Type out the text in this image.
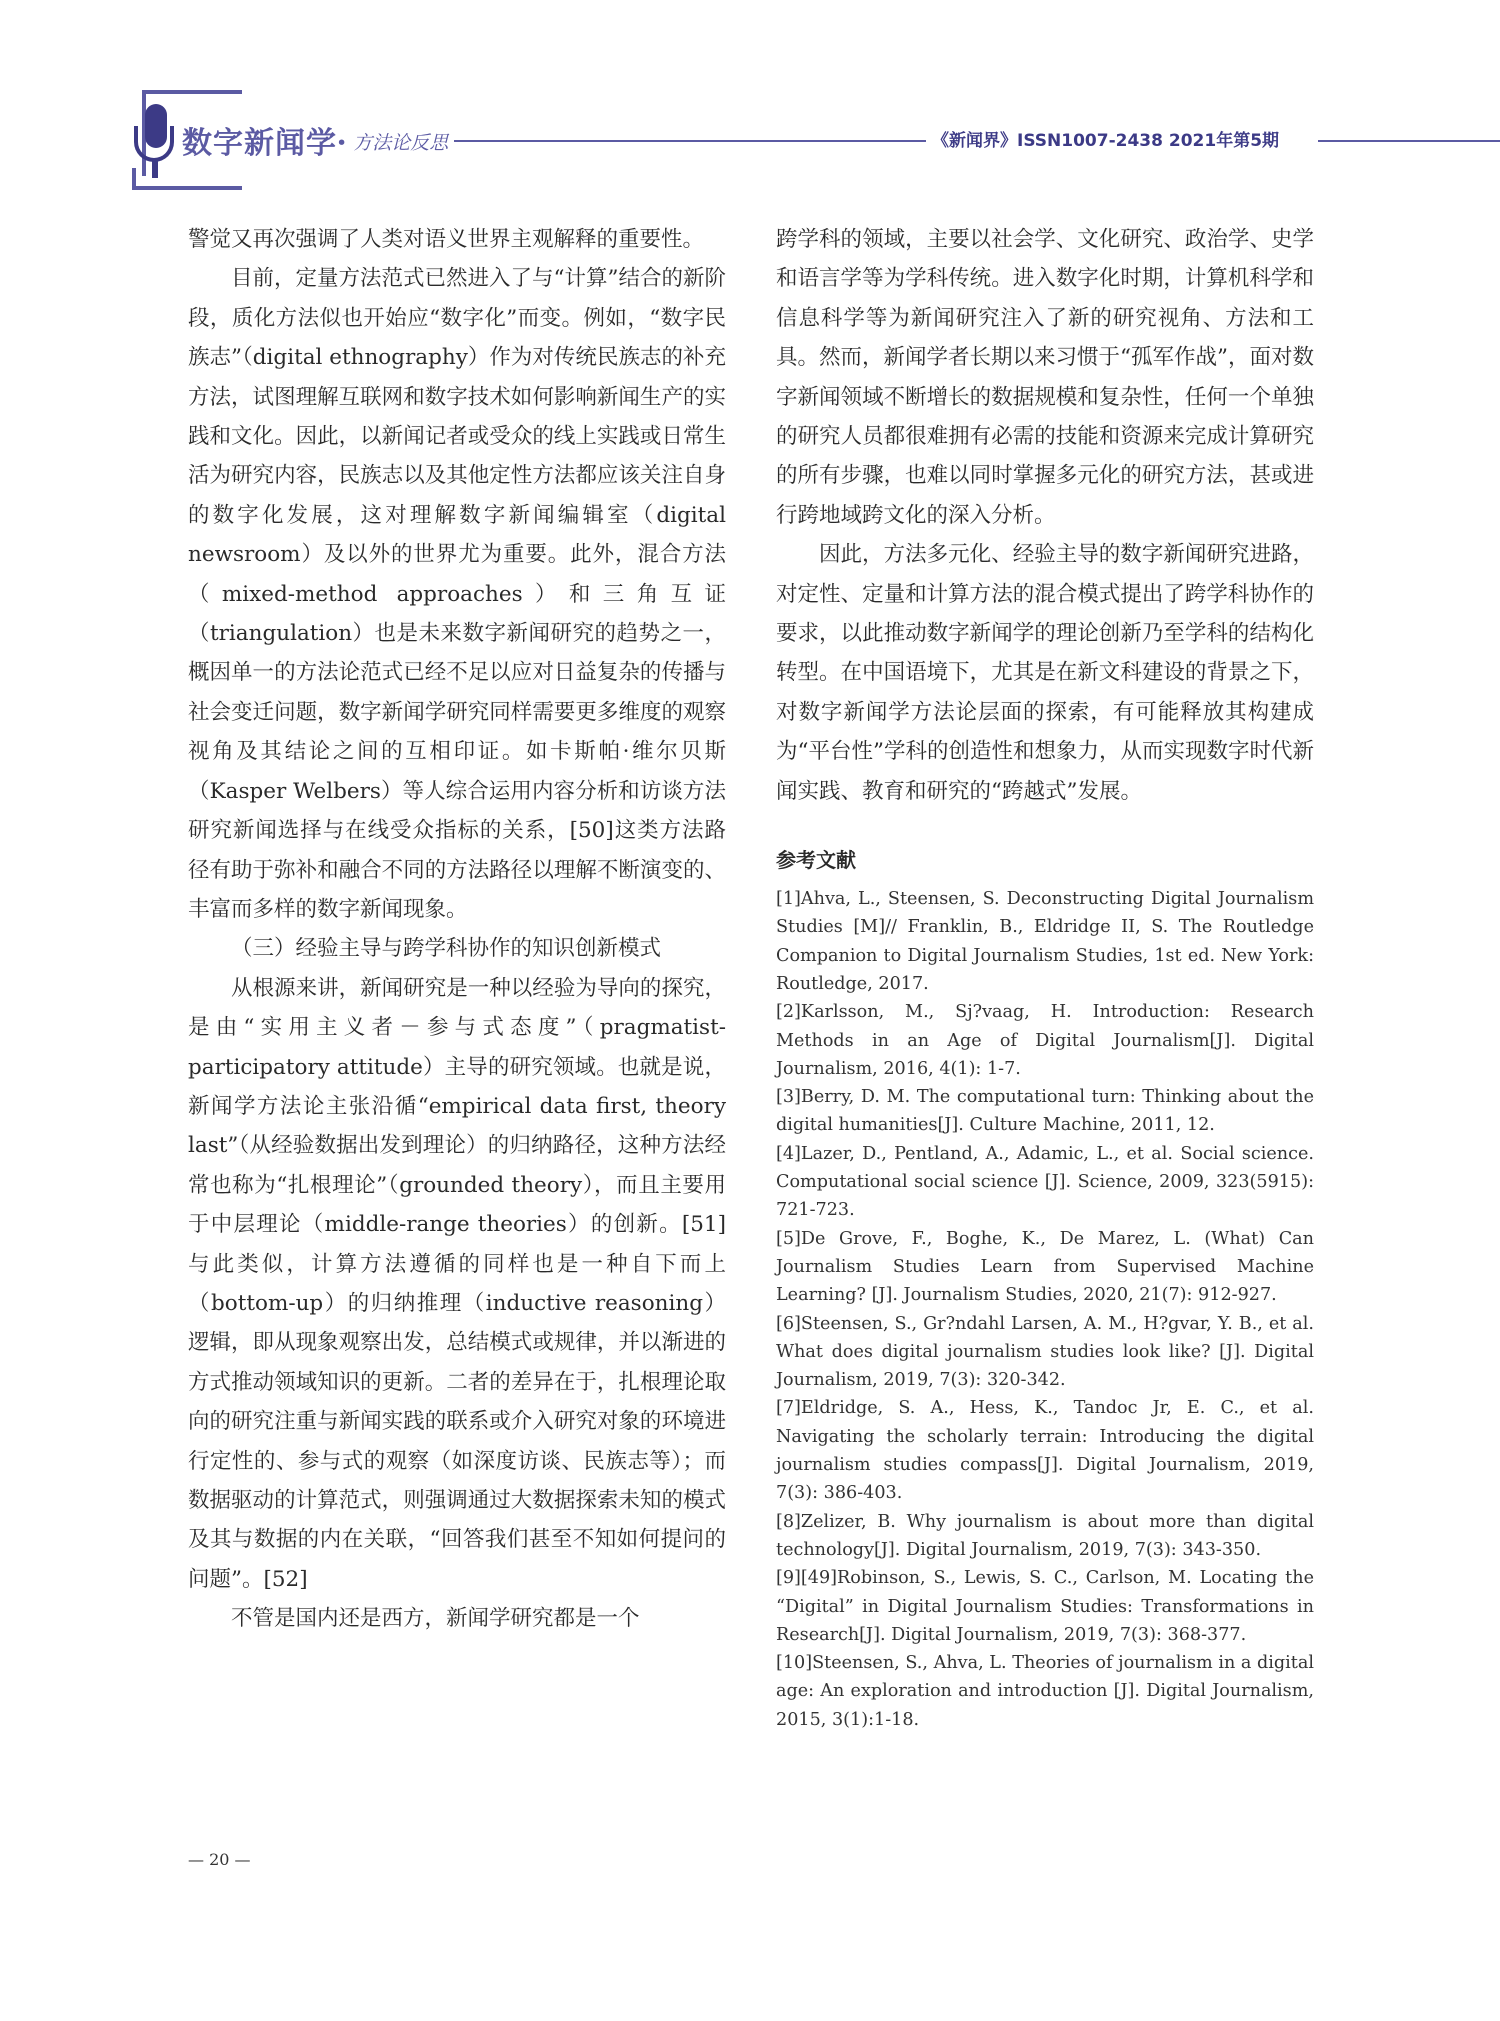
数字新闻学 • 方法论反思	《新闻界》ISSN1007-2438 2021年第5期

警觉又再次强调了人类对语义世界主观解释的重要性。

目前，定量方法范式已然进入了与“计算”结合的新阶段，质化方法似也开始应“数字化”而变。例如，“数字民族志”（digital ethnography）作为对传统民族志的补充方法，试图理解互联网和数字技术如何影响新闻生产的实践和文化。因此，以新闻记者或受众的线上实践或日常生活为研究内容，民族志以及其他定性方法都应该关注自身的数字化发展，这对理解数字新闻编辑室（digital newsroom）及以外的世界尤为重要。此外，混合方法（mixed-method approaches）和三角互证（triangulation）也是未来数字新闻研究的趋势之一，概因单一的方法论范式已经不足以应对日益复杂的传播与社会变迁问题，数字新闻学研究同样需要更多维度的观察视角及其结论之间的互相印证。如卡斯帕·维尔贝斯（Kasper Welbers）等人综合运用内容分析和访谈方法研究新闻选择与在线受众指标的关系，[50]这类方法路径有助于弥补和融合不同的方法路径以理解不断演变的、丰富而多样的数字新闻现象。

（三）经验主导与跨学科协作的知识创新模式

从根源来讲，新闻研究是一种以经验为导向的探究，是由“实用主义者－参与式态度”（pragmatist-participatory attitude）主导的研究领域。也就是说，新闻学方法论主张沿循“empirical data first, theory last”（从经验数据出发到理论）的归纳路径，这种方法经常也称为“扎根理论”（grounded theory），而且主要用于中层理论（middle-range theories）的创新。[51]与此类似，计算方法遵循的同样也是一种自下而上（bottom-up）的归纳推理（inductive reasoning）逻辑，即从现象观察出发，总结模式或规律，并以渐进的方式推动领域知识的更新。二者的差异在于，扎根理论取向的研究注重与新闻实践的联系或介入研究对象的环境进行定性的、参与式的观察（如深度访谈、民族志等）；而数据驱动的计算范式，则强调通过大数据探索未知的模式及其与数据的内在关联，“回答我们甚至不知如何提问的问题”。[52]

不管是国内还是西方，新闻学研究都是一个

跨学科的领域，主要以社会学、文化研究、政治学、史学和语言学等为学科传统。进入数字化时期，计算机科学和信息科学等为新闻研究注入了新的研究视角、方法和工具。然而，新闻学者长期以来习惯于“孤军作战”，面对数字新闻领域不断增长的数据规模和复杂性，任何一个单独的研究人员都很难拥有必需的技能和资源来完成计算研究的所有步骤，也难以同时掌握多元化的研究方法，甚或进行跨地域跨文化的深入分析。

因此，方法多元化、经验主导的数字新闻研究进路，对定性、定量和计算方法的混合模式提出了跨学科协作的要求，以此推动数字新闻学的理论创新乃至学科的结构化转型。在中国语境下，尤其是在新文科建设的背景之下，对数字新闻学方法论层面的探索，有可能释放其构建成为“平台性”学科的创造性和想象力，从而实现数字时代新闻实践、教育和研究的“跨越式”发展。

参考文献

[1]Ahva, L., Steensen, S. Deconstructing Digital Journalism Studies [M]// Franklin, B., Eldridge II, S. The Routledge Companion to Digital Journalism Studies, 1st ed. New York: Routledge, 2017.

[2]Karlsson, M., Sj?vaag, H. Introduction: Research Methods in an Age of Digital Journalism[J]. Digital Journalism, 2016, 4(1): 1-7.

[3]Berry, D. M. The computational turn: Thinking about the digital humanities[J]. Culture Machine, 2011, 12.

[4]Lazer, D., Pentland, A., Adamic, L., et al. Social science. Computational social science [J]. Science, 2009, 323(5915): 721-723.

[5]De Grove, F., Boghe, K., De Marez, L. (What) Can Journalism Studies Learn from Supervised Machine Learning? [J]. Journalism Studies, 2020, 21(7): 912-927.

[6]Steensen, S., Gr?ndahl Larsen, A. M., H?gvar, Y. B., et al. What does digital journalism studies look like? [J]. Digital Journalism, 2019, 7(3): 320-342.

[7]Eldridge, S. A., Hess, K., Tandoc Jr, E. C., et al. Navigating the scholarly terrain: Introducing the digital journalism studies compass[J]. Digital Journalism, 2019, 7(3): 386-403.

[8]Zelizer, B. Why journalism is about more than digital technology[J]. Digital Journalism, 2019, 7(3): 343-350.

[9][49]Robinson, S., Lewis, S. C., Carlson, M. Locating the “Digital” in Digital Journalism Studies: Transformations in Research[J]. Digital Journalism, 2019, 7(3): 368-377.

[10]Steensen, S., Ahva, L. Theories of journalism in a digital age: An exploration and introduction [J]. Digital Journalism, 2015, 3(1):1-18.

— 20 —
